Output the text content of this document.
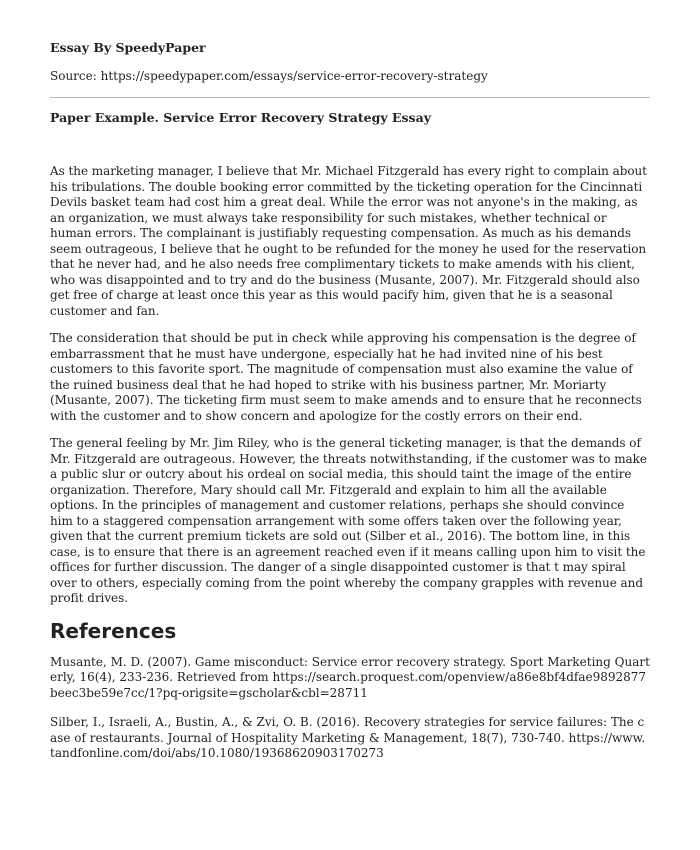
Essay By SpeedyPaper
Source: https://speedypaper.com/essays/service-error-recovery-strategy
Paper Example. Service Error Recovery Strategy Essay

As the marketing manager, I believe that Mr. Michael Fitzgerald has every right to complain about his tribulations. The double booking error committed by the ticketing operation for the Cincinnati Devils basket team had cost him a great deal. While the error was not anyone's in the making, as an organization, we must always take responsibility for such mistakes, whether technical or human errors. The complainant is justifiably requesting compensation. As much as his demands seem outrageous, I believe that he ought to be refunded for the money he used for the reservation that he never had, and he also needs free complimentary tickets to make amends with his client, who was disappointed and to try and do the business (Musante, 2007). Mr. Fitzgerald should also get free of charge at least once this year as this would pacify him, given that he is a seasonal customer and fan.

The consideration that should be put in check while approving his compensation is the degree of embarrassment that he must have undergone, especially hat he had invited nine of his best customers to this favorite sport. The magnitude of compensation must also examine the value of the ruined business deal that he had hoped to strike with his business partner, Mr. Moriarty (Musante, 2007). The ticketing firm must seem to make amends and to ensure that he reconnects with the customer and to show concern and apologize for the costly errors on their end.

The general feeling by Mr. Jim Riley, who is the general ticketing manager, is that the demands of Mr. Fitzgerald are outrageous. However, the threats notwithstanding, if the customer was to make a public slur or outcry about his ordeal on social media, this should taint the image of the entire organization. Therefore, Mary should call Mr. Fitzgerald and explain to him all the available options. In the principles of management and customer relations, perhaps she should convince him to a staggered compensation arrangement with some offers taken over the following year, given that the current premium tickets are sold out (Silber et al., 2016). The bottom line, in this case, is to ensure that there is an agreement reached even if it means calling upon him to visit the offices for further discussion. The danger of a single disappointed customer is that t may spiral over to others, especially coming from the point whereby the company grapples with revenue and profit drives.

References

Musante, M. D. (2007). Game misconduct: Service error recovery strategy. Sport Marketing Quarterly, 16(4), 233-236. Retrieved from https://search.proquest.com/openview/a86e8bf4dfae9892877beec3be59e7cc/1?pq-origsite=gscholar&cbl=28711

Silber, I., Israeli, A., Bustin, A., & Zvi, O. B. (2016). Recovery strategies for service failures: The case of restaurants. Journal of Hospitality Marketing & Management, 18(7), 730-740. https://www.tandfonline.com/doi/abs/10.1080/19368620903170273
